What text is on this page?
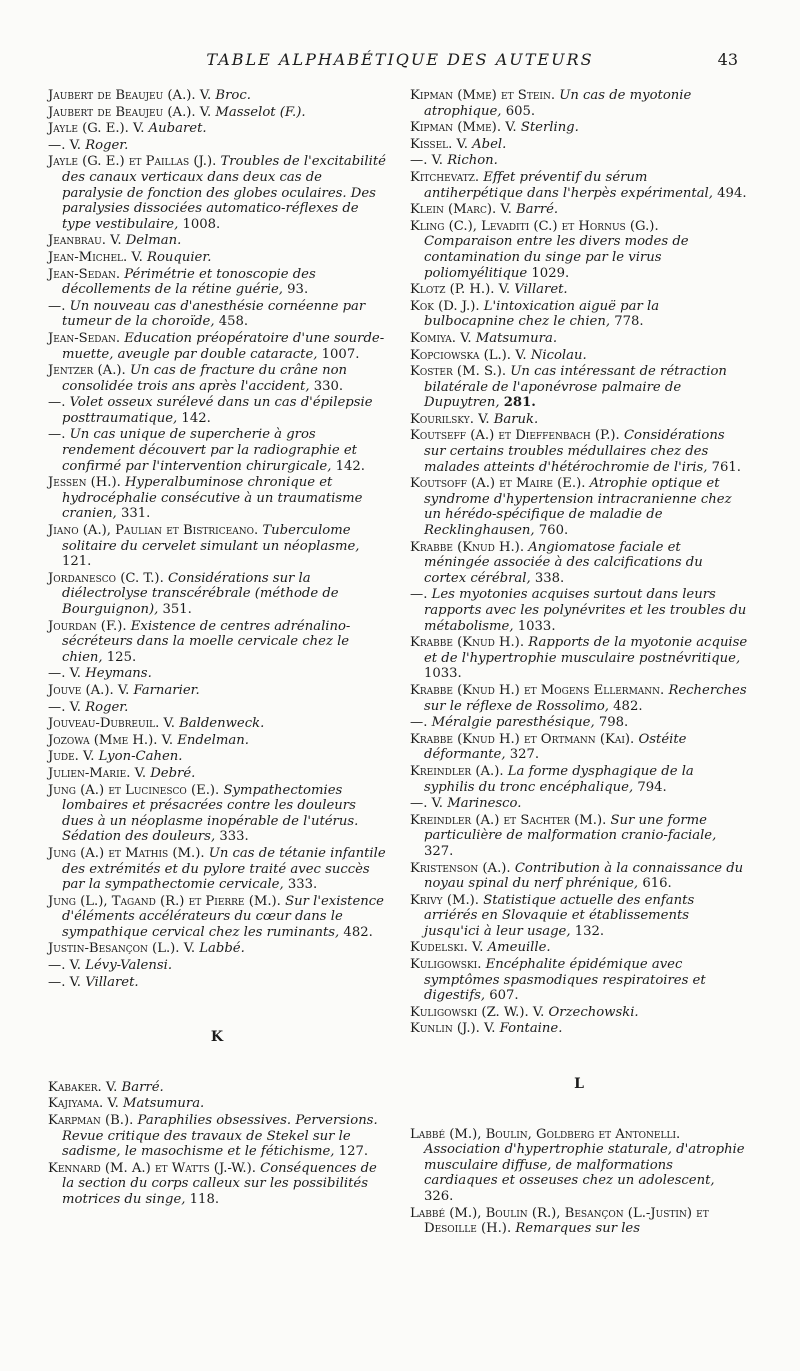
TABLE ALPHABÉTIQUE DES AUTEURS	43
Jaubert de Beaujeu (A.). V. Broc.
Jaubert de Beaujeu (A.). V. Masselot (F.).
Jayle (G. E.). V. Aubaret.
—. V. Roger.
Jayle (G. E.) et Paillas (J.). Troubles de l'excitabilité des canaux verticaux dans deux cas de paralysie de fonction des globes oculaires. Des paralysies dissociées automatico-réflexes de type vestibulaire, 1008.
Jeanbrau. V. Delman.
Jean-Michel. V. Rouquier.
Jean-Sedan. Périmétrie et tonoscopie des décollements de la rétine guérie, 93.
—. Un nouveau cas d'anesthésie cornéenne par tumeur de la choroïde, 458.
Jean-Sedan. Education préopératoire d'une sourde-muette, aveugle par double cataracte, 1007.
Jentzer (A.). Un cas de fracture du crâne non consolidée trois ans après l'accident, 330.
—. Volet osseux surélevé dans un cas d'épilepsie posttraumatique, 142.
—. Un cas unique de supercherie à gros rendement découvert par la radiographie et confirmé par l'intervention chirurgicale, 142.
Jessen (H.). Hyperalbuminose chronique et hydrocéphalie consécutive à un traumatisme cranien, 331.
Jiano (A.), Paulian et Bistriceano. Tuberculome solitaire du cervelet simulant un néoplasme, 121.
Jordanesco (C. T.). Considérations sur la diélectrolyse transcérébrale (méthode de Bourguignon), 351.
Jourdan (F.). Existence de centres adrénalino-sécréteurs dans la moelle cervicale chez le chien, 125.
—. V. Heymans.
Jouve (A.). V. Farnarier.
—. V. Roger.
Jouveau-Dubreuil. V. Baldenweck.
Jozowa (Mme H.). V. Endelman.
Jude. V. Lyon-Cahen.
Julien-Marie. V. Debré.
Jung (A.) et Lucinesco (E.). Sympathectomies lombaires et présacrées contre les douleurs dues à un néoplasme inopérable de l'utérus. Sédation des douleurs, 333.
Jung (A.) et Mathis (M.). Un cas de tétanie infantile des extrémités et du pylore traité avec succès par la sympathectomie cervicale, 333.
Jung (L.), Tagand (R.) et Pierre (M.). Sur l'existence d'éléments accélérateurs du cœur dans le sympathique cervical chez les ruminants, 482.
Justin-Besançon (L.). V. Labbé.
—. V. Lévy-Valensi.
—. V. Villaret.
K
Kabaker. V. Barré.
Kajiyama. V. Matsumura.
Karpman (B.). Paraphilies obsessives. Perversions. Revue critique des travaux de Stekel sur le sadisme, le masochisme et le fétichisme, 127.
Kennard (M. A.) et Watts (J.-W.). Conséquences de la section du corps calleux sur les possibilités motrices du singe, 118.
Kipman (Mme) et Stein. Un cas de myotonie atrophique, 605.
Kipman (Mme). V. Sterling.
Kissel. V. Abel.
—. V. Richon.
Kitchevatz. Effet préventif du sérum antiherpétique dans l'herpès expérimental, 494.
Klein (Marc). V. Barré.
Kling (C.), Levaditi (C.) et Hornus (G.). Comparaison entre les divers modes de contamination du singe par le virus poliomyélitique 1029.
Klotz (P. H.). V. Villaret.
Kok (D. J.). L'intoxication aiguë par la bulbocapnine chez le chien, 778.
Komiya. V. Matsumura.
Kopciowska (L.). V. Nicolau.
Koster (M. S.). Un cas intéressant de rétraction bilatérale de l'aponévrose palmaire de Dupuytren, 281.
Kourilsky. V. Baruk.
Koutseff (A.) et Dieffenbach (P.). Considérations sur certains troubles médullaires chez des malades atteints d'hétérochromie de l'iris, 761.
Koutsoff (A.) et Maire (E.). Atrophie optique et syndrome d'hypertension intracranienne chez un hérédo-spécifique de maladie de Recklinghausen, 760.
Krabbe (Knud H.). Angiomatose faciale et méningée associée à des calcifications du cortex cérébral, 338.
—. Les myotonies acquises surtout dans leurs rapports avec les polynévrites et les troubles du métabolisme, 1033.
Krabbe (Knud H.). Rapports de la myotonie acquise et de l'hypertrophie musculaire postnévritique, 1033.
Krabbe (Knud H.) et Mogens Ellermann. Recherches sur le réflexe de Rossolimo, 482.
—. Méralgie paresthésique, 798.
Krabbe (Knud H.) et Ortmann (Kai). Ostéite déformante, 327.
Kreindler (A.). La forme dysphagique de la syphilis du tronc encéphalique, 794.
—. V. Marinesco.
Kreindler (A.) et Sachter (M.). Sur une forme particulière de malformation cranio-faciale, 327.
Kristenson (A.). Contribution à la connaissance du noyau spinal du nerf phrénique, 616.
Krivy (M.). Statistique actuelle des enfants arriérés en Slovaquie et établissements jusqu'ici à leur usage, 132.
Kudelski. V. Ameuille.
Kuligowski. Encéphalite épidémique avec symptômes spasmodiques respiratoires et digestifs, 607.
Kuligowski (Z. W.). V. Orzechowski.
Kunlin (J.). V. Fontaine.
L
Labbé (M.), Boulin, Goldberg et Antonelli. Association d'hypertrophie staturale, d'atrophie musculaire diffuse, de malformations cardiaques et osseuses chez un adolescent, 326.
Labbé (M.), Boulin (R.), Besançon (L.-Justin) et Desoille (H.). Remarques sur les
